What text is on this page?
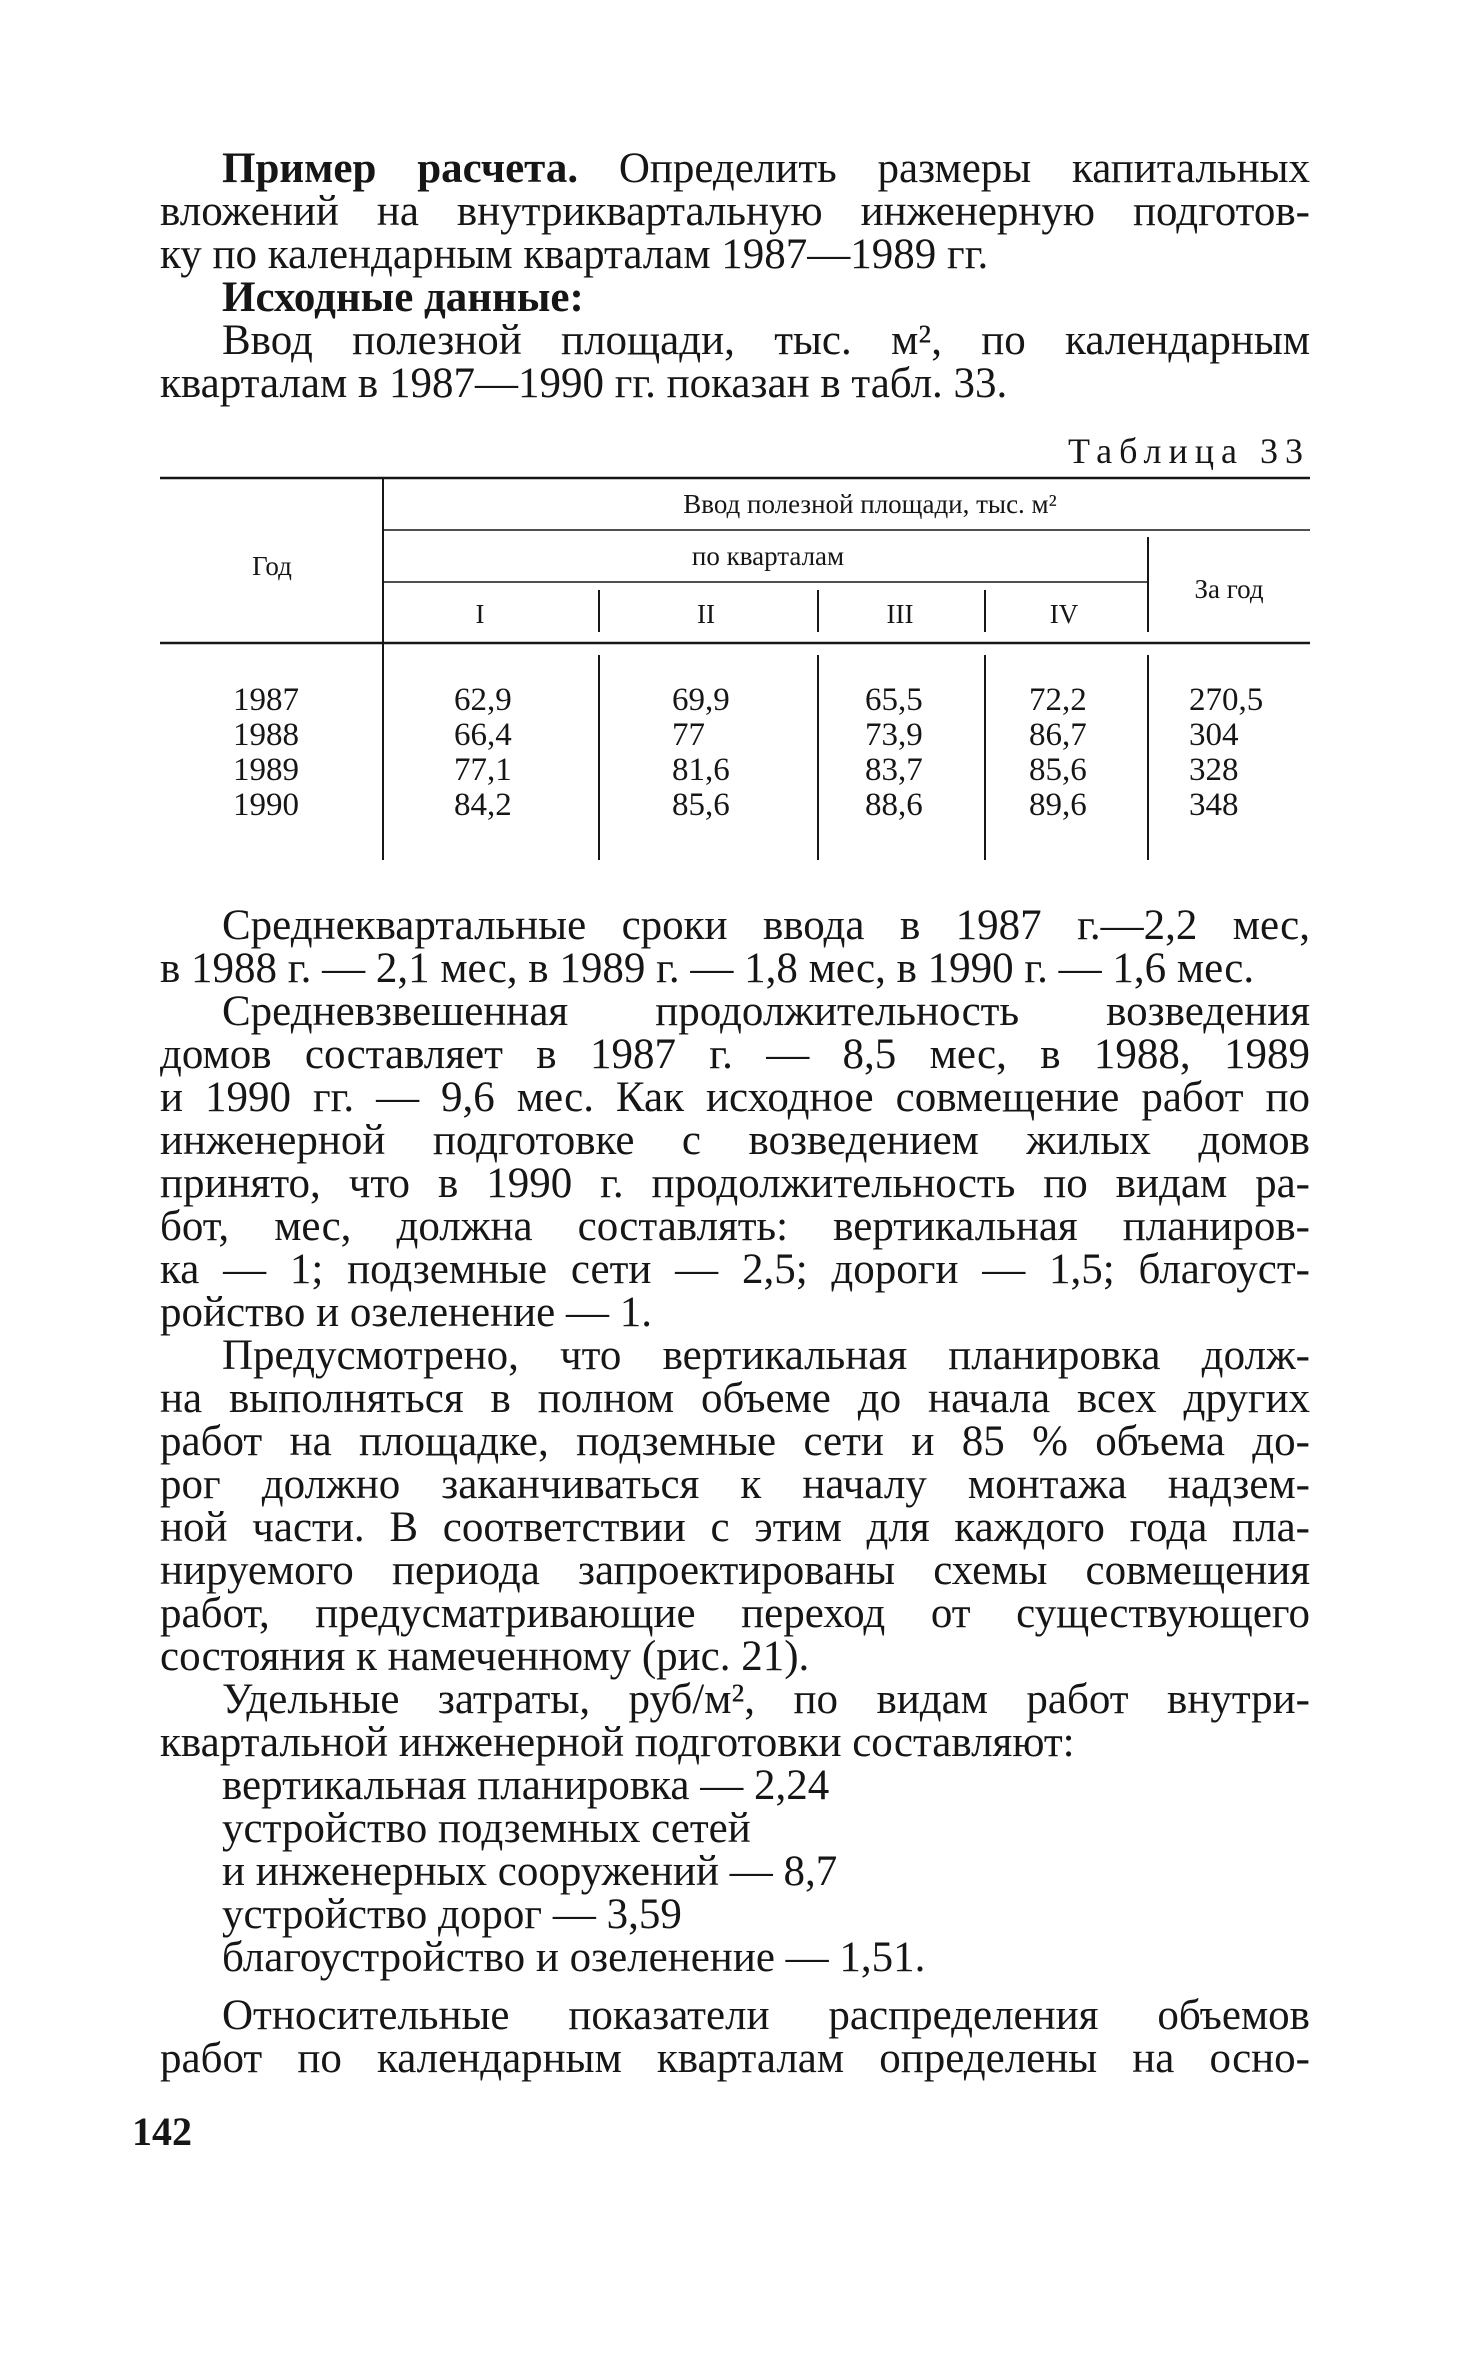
Пример расчета. Определить размеры капитальных
вложений на внутриквартальную инженерную подготов-
ку по календарным кварталам 1987—1989 гг.
Исходные данные:
Ввод полезной площади, тыс. м², по календарным
кварталам в 1987—1990 гг. показан в табл. 33.
Таблица 33
Год
Ввод полезной площади, тыс. м²
по кварталам
За год
I	II	III	IV
1987	62,9	69,9	65,5	72,2	270,5
1988	66,4	77	73,9	86,7	304
1989	77,1	81,6	83,7	85,6	328
1990	84,2	85,6	88,6	89,6	348
Среднеквартальные сроки ввода в 1987 г.—2,2 мес,
в 1988 г. — 2,1 мес, в 1989 г. — 1,8 мес, в 1990 г. — 1,6 мес.
Средневзвешенная продолжительность возведения
домов составляет в 1987 г. — 8,5 мес, в 1988, 1989
и 1990 гг. — 9,6 мес. Как исходное совмещение работ по
инженерной подготовке с возведением жилых домов
принято, что в 1990 г. продолжительность по видам ра-
бот, мес, должна составлять: вертикальная планиров-
ка — 1; подземные сети — 2,5; дороги — 1,5; благоуст-
ройство и озеленение — 1.
Предусмотрено, что вертикальная планировка долж-
на выполняться в полном объеме до начала всех других
работ на площадке, подземные сети и 85 % объема до-
рог должно заканчиваться к началу монтажа надзем-
ной части. В соответствии с этим для каждого года пла-
нируемого периода запроектированы схемы совмещения
работ, предусматривающие переход от существующего
состояния к намеченному (рис. 21).
Удельные затраты, руб/м², по видам работ внутри-
квартальной инженерной подготовки составляют:
вертикальная планировка — 2,24
устройство подземных сетей
и инженерных сооружений — 8,7
устройство дорог — 3,59
благоустройство и озеленение — 1,51.
Относительные показатели распределения объемов
работ по календарным кварталам определены на осно-
142
